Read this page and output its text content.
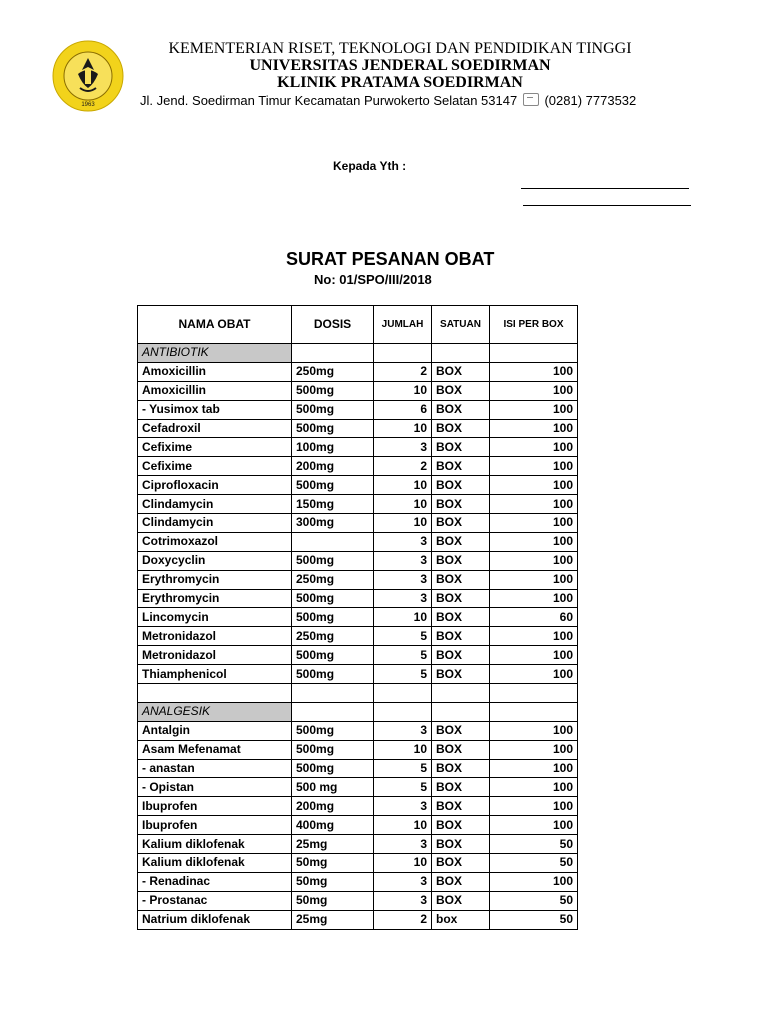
1963
KEMENTERIAN RISET, TEKNOLOGI DAN PENDIDIKAN TINGGI
UNIVERSITAS JENDERAL SOEDIRMAN
KLINIK PRATAMA SOEDIRMAN
Jl. Jend. Soedirman Timur Kecamatan Purwokerto Selatan 53147 (0281) 7773532
Kepada Yth :
SURAT PESANAN OBAT
No: 01/SPO/III/2018
NAMA OBAT	DOSIS	JUMLAH	SATUAN	ISI PER BOX
ANTIBIOTIK				
Amoxicillin	250mg	2	BOX	100
Amoxicillin	500mg	10	BOX	100
- Yusimox tab	500mg	6	BOX	100
Cefadroxil	500mg	10	BOX	100
Cefixime	100mg	3	BOX	100
Cefixime	200mg	2	BOX	100
Ciprofloxacin	500mg	10	BOX	100
Clindamycin	150mg	10	BOX	100
Clindamycin	300mg	10	BOX	100
Cotrimoxazol		3	BOX	100
Doxycyclin	500mg	3	BOX	100
Erythromycin	250mg	3	BOX	100
Erythromycin	500mg	3	BOX	100
Lincomycin	500mg	10	BOX	60
Metronidazol	250mg	5	BOX	100
Metronidazol	500mg	5	BOX	100
Thiamphenicol	500mg	5	BOX	100

ANALGESIK				
Antalgin	500mg	3	BOX	100
Asam Mefenamat	500mg	10	BOX	100
- anastan	500mg	5	BOX	100
- Opistan	500 mg	5	BOX	100
Ibuprofen	200mg	3	BOX	100
Ibuprofen	400mg	10	BOX	100
Kalium diklofenak	25mg	3	BOX	50
Kalium diklofenak	50mg	10	BOX	50
- Renadinac	50mg	3	BOX	100
- Prostanac	50mg	3	BOX	50
Natrium diklofenak	25mg	2	box	50
